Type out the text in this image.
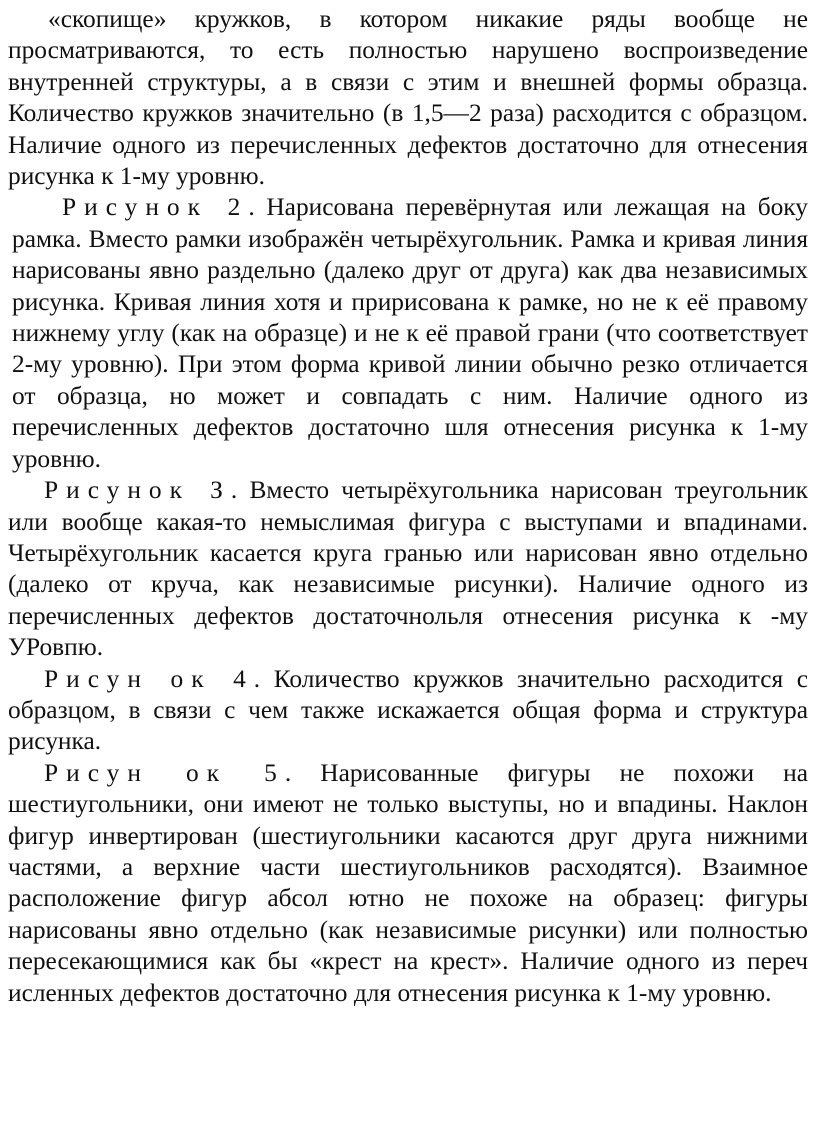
«скопище» кружков, в котором никакие ряды вообще не просматриваются, то есть полностью нарушено воспроизведение внутренней структуры, а в связи с этим и внешней формы образца. Количество кружков значительно (в 1,5—2 раза) расходится с образцом. Наличие одного из перечисленных дефектов достаточно для отнесения рисунка к 1-му уровню.

Рисунок 2. Нарисована перевёрнутая или лежащая на боку рамка. Вместо рамки изображён четырёхугольник. Рамка и кривая линия нарисованы явно раздельно (далеко друг от друга) как два независимых рисунка. Кривая линия хотя и пририсована к рамке, но не к её правому нижнему углу (как на образце) и не к её правой грани (что соответствует 2-му уровню). При этом форма кривой линии обычно резко отличается от образца, но может и совпадать с ним. Наличие одного из перечисленных дефектов достаточно шля отнесения рисунка к 1-му уровню.

Рисунок З. Вместо четырёхугольника нарисован треугольник или вообще какая-то немыслимая фигура с выступами и впадинами. Четырёхугольник касается круга гранью или нарисован явно отдельно (далеко от круча, как независимые рисунки). Наличие одного из перечисленных дефектов достаточнольля отнесения рисунка к -му УРовпю.

Рисун ок 4. Количество кружков значительно расходится с образцом, в связи с чем также искажается общая форма и структура рисунка.

Рисун ок 5. Нарисованные фигуры не похожи на шестиугольники, они имеют не только выступы, но и впадины. Наклон фигур инвертирован (шестиугольники касаются друг друга нижними частями, а верхние части шестиугольников расходятся). Взаимное расположение фигур абсол ютно не похоже на образец: фигуры нарисованы явно отдельно (как независимые рисунки) или полностью пересекающимися как бы «крест на крест». Наличие одного из переч исленных дефектов достаточно для отнесения рисунка к 1-му уровню.
